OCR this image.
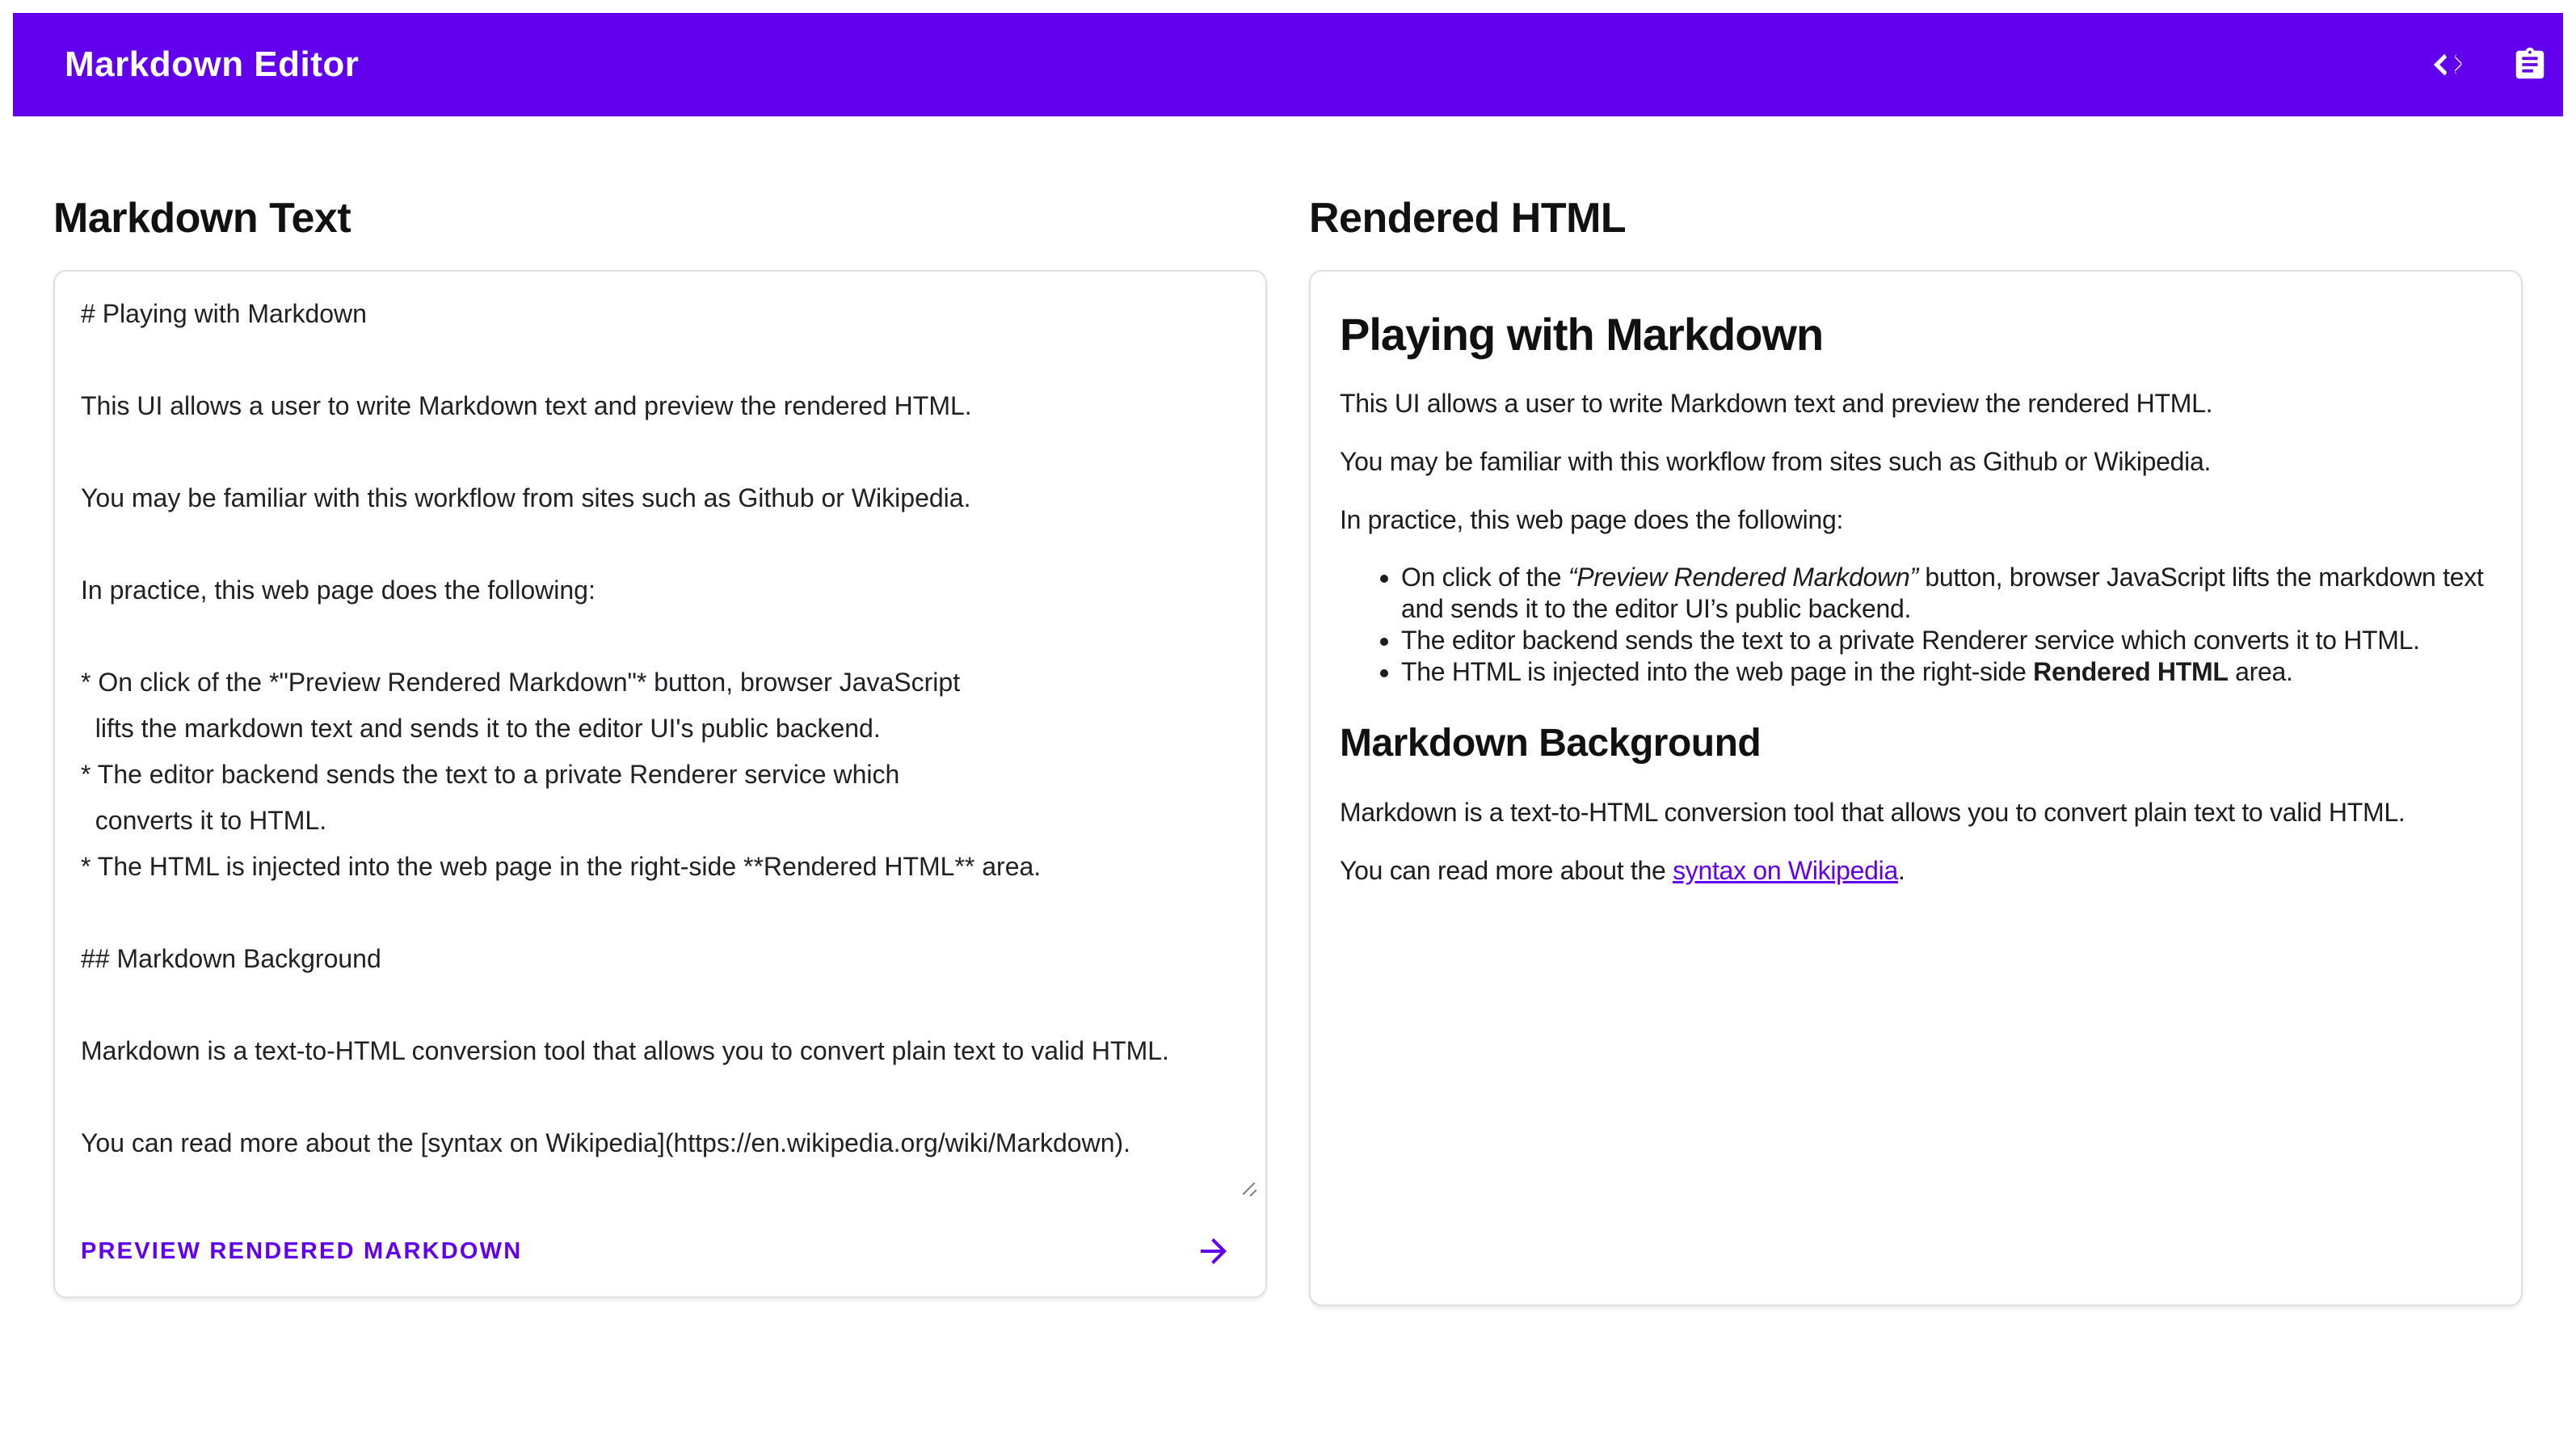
Markdown Editor
Markdown Text
# Playing with Markdown This UI allows a user to write Markdown text and preview the rendered HTML. You may be familiar with this workflow from sites such as Github or Wikipedia. In practice, this web page does the following: * On click of the *"Preview Rendered Markdown"* button, browser JavaScript lifts the markdown text and sends it to the editor UI's public backend. * The editor backend sends the text to a private Renderer service which converts it to HTML. * The HTML is injected into the web page in the right-side **Rendered HTML** area. ## Markdown Background Markdown is a text-to-HTML conversion tool that allows you to convert plain text to valid HTML. You can read more about the [syntax on Wikipedia](https://en.wikipedia.org/wiki/Markdown).
PREVIEW RENDERED MARKDOWN
Rendered HTML
Playing with Markdown

This UI allows a user to write Markdown text and preview the rendered HTML.

You may be familiar with this workflow from sites such as Github or Wikipedia.

In practice, this web page does the following:

• On click of the “Preview Rendered Markdown” button, browser JavaScript lifts the markdown text and sends it to the editor UI’s public backend.
• The editor backend sends the text to a private Renderer service which converts it to HTML.
• The HTML is injected into the web page in the right-side Rendered HTML area.
Markdown Background

Markdown is a text-to-HTML conversion tool that allows you to convert plain text to valid HTML.

You can read more about the syntax on Wikipedia.
